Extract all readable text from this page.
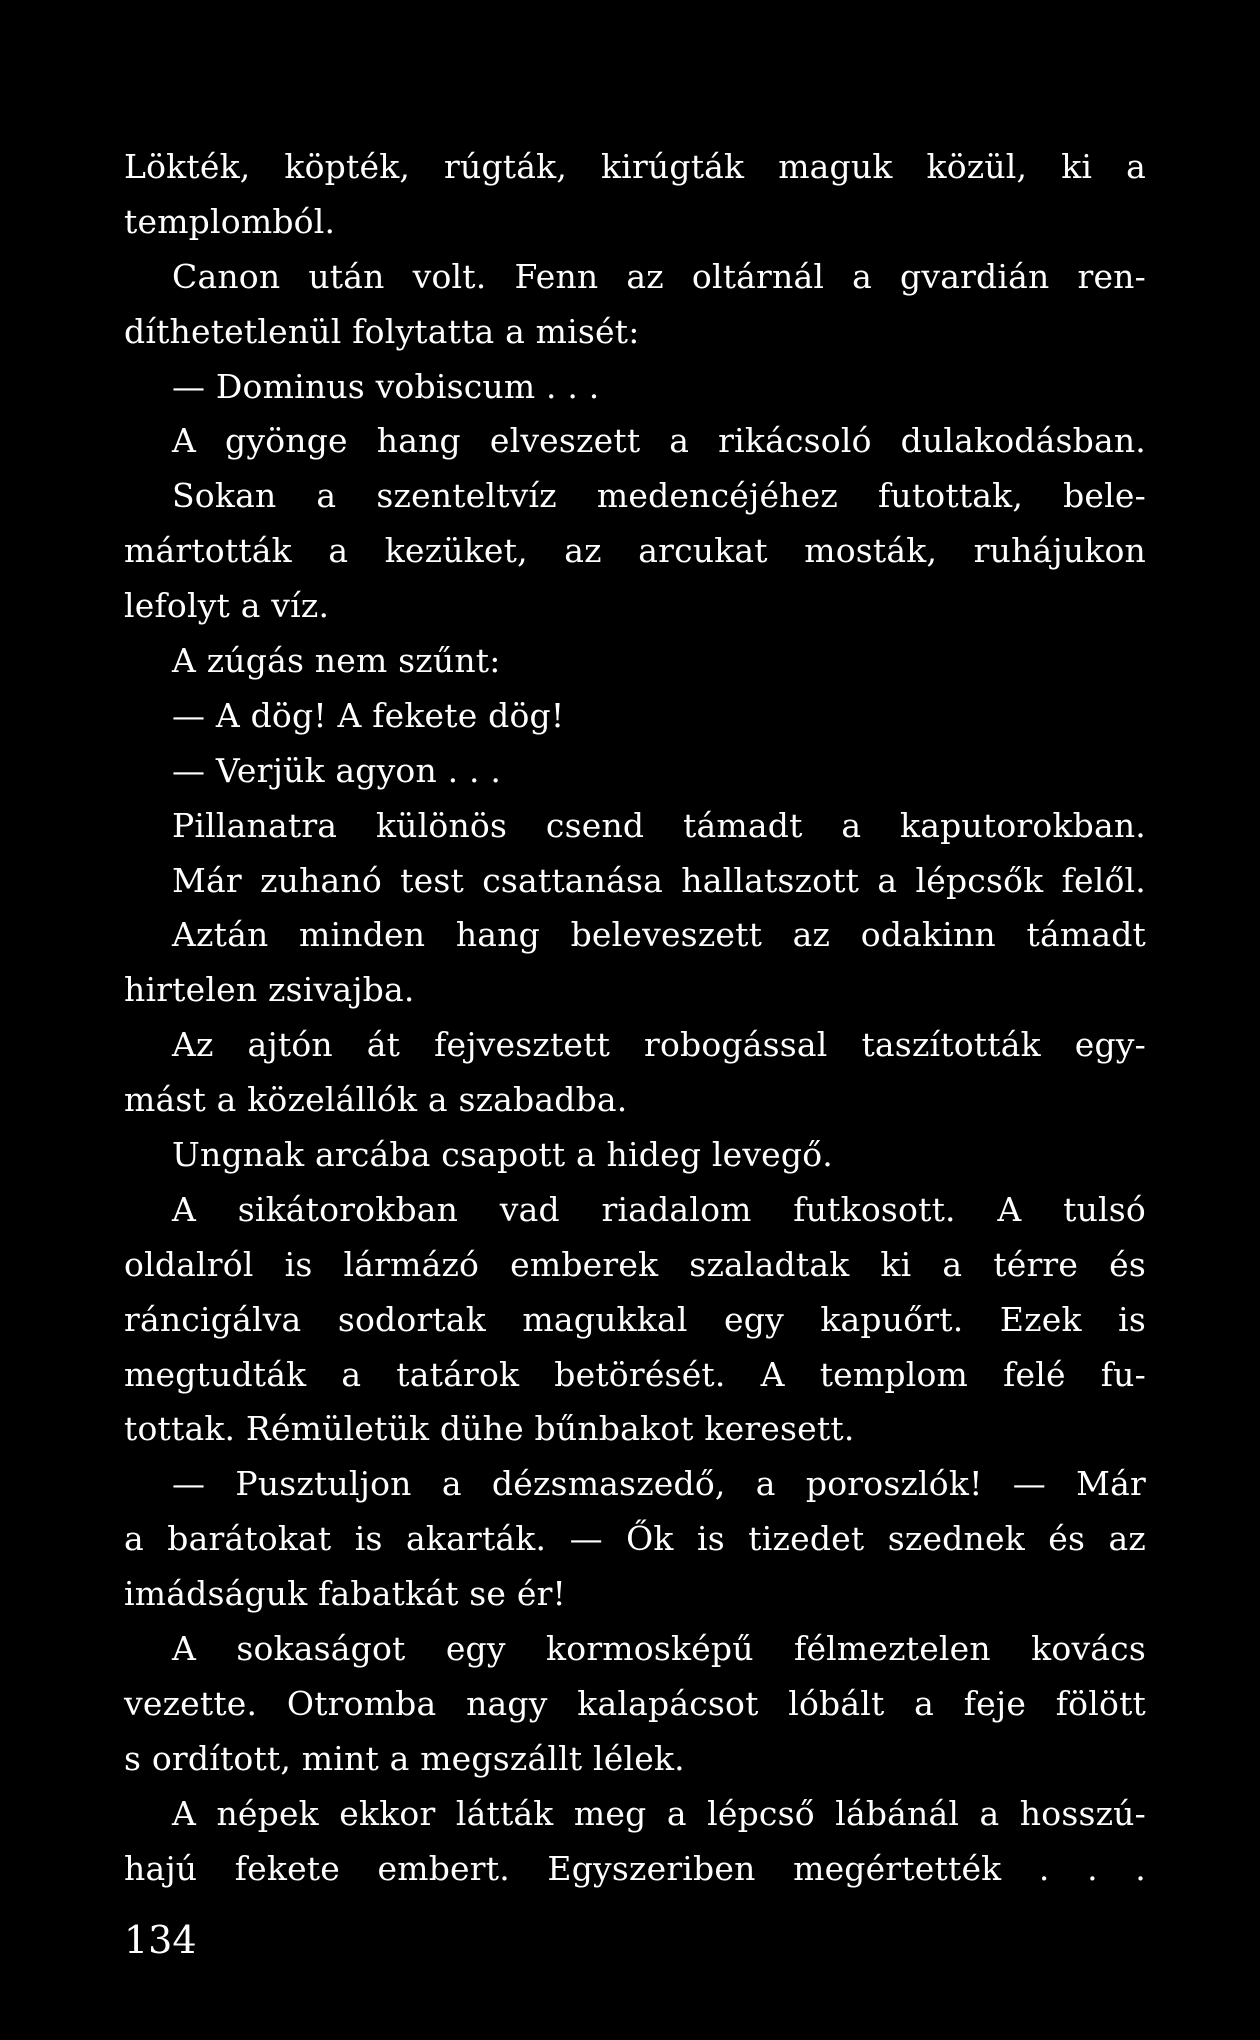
Lökték, köpték, rúgták, kirúgták maguk közül, ki a
templomból.
Canon után volt. Fenn az oltárnál a gvardián ren-
díthetetlenül folytatta a misét:
— Dominus vobiscum . . .
A gyönge hang elveszett a rikácsoló dulakodásban.
Sokan a szenteltvíz medencéjéhez futottak, bele-
mártották a kezüket, az arcukat mosták, ruhájukon
lefolyt a víz.
A zúgás nem szűnt:
— A dög! A fekete dög!
— Verjük agyon . . .
Pillanatra különös csend támadt a kaputorokban.
Már zuhanó test csattanása hallatszott a lépcsők felől.
Aztán minden hang beleveszett az odakinn támadt
hirtelen zsivajba.
Az ajtón át fejvesztett robogással taszították egy-
mást a közelállók a szabadba.
Ungnak arcába csapott a hideg levegő.
A sikátorokban vad riadalom futkosott. A tulsó
oldalról is lármázó emberek szaladtak ki a térre és
ráncigálva sodortak magukkal egy kapuőrt. Ezek is
megtudták a tatárok betörését. A templom felé fu-
tottak. Rémületük dühe bűnbakot keresett.
— Pusztuljon a dézsmaszedő, a poroszlók! — Már
a barátokat is akarták. — Ők is tizedet szednek és az
imádságuk fabatkát se ér!
A sokaságot egy kormosképű félmeztelen kovács
vezette. Otromba nagy kalapácsot lóbált a feje fölött
s ordított, mint a megszállt lélek.
A népek ekkor látták meg a lépcső lábánál a hosszú-
hajú fekete embert. Egyszeriben megértették . . .
134
